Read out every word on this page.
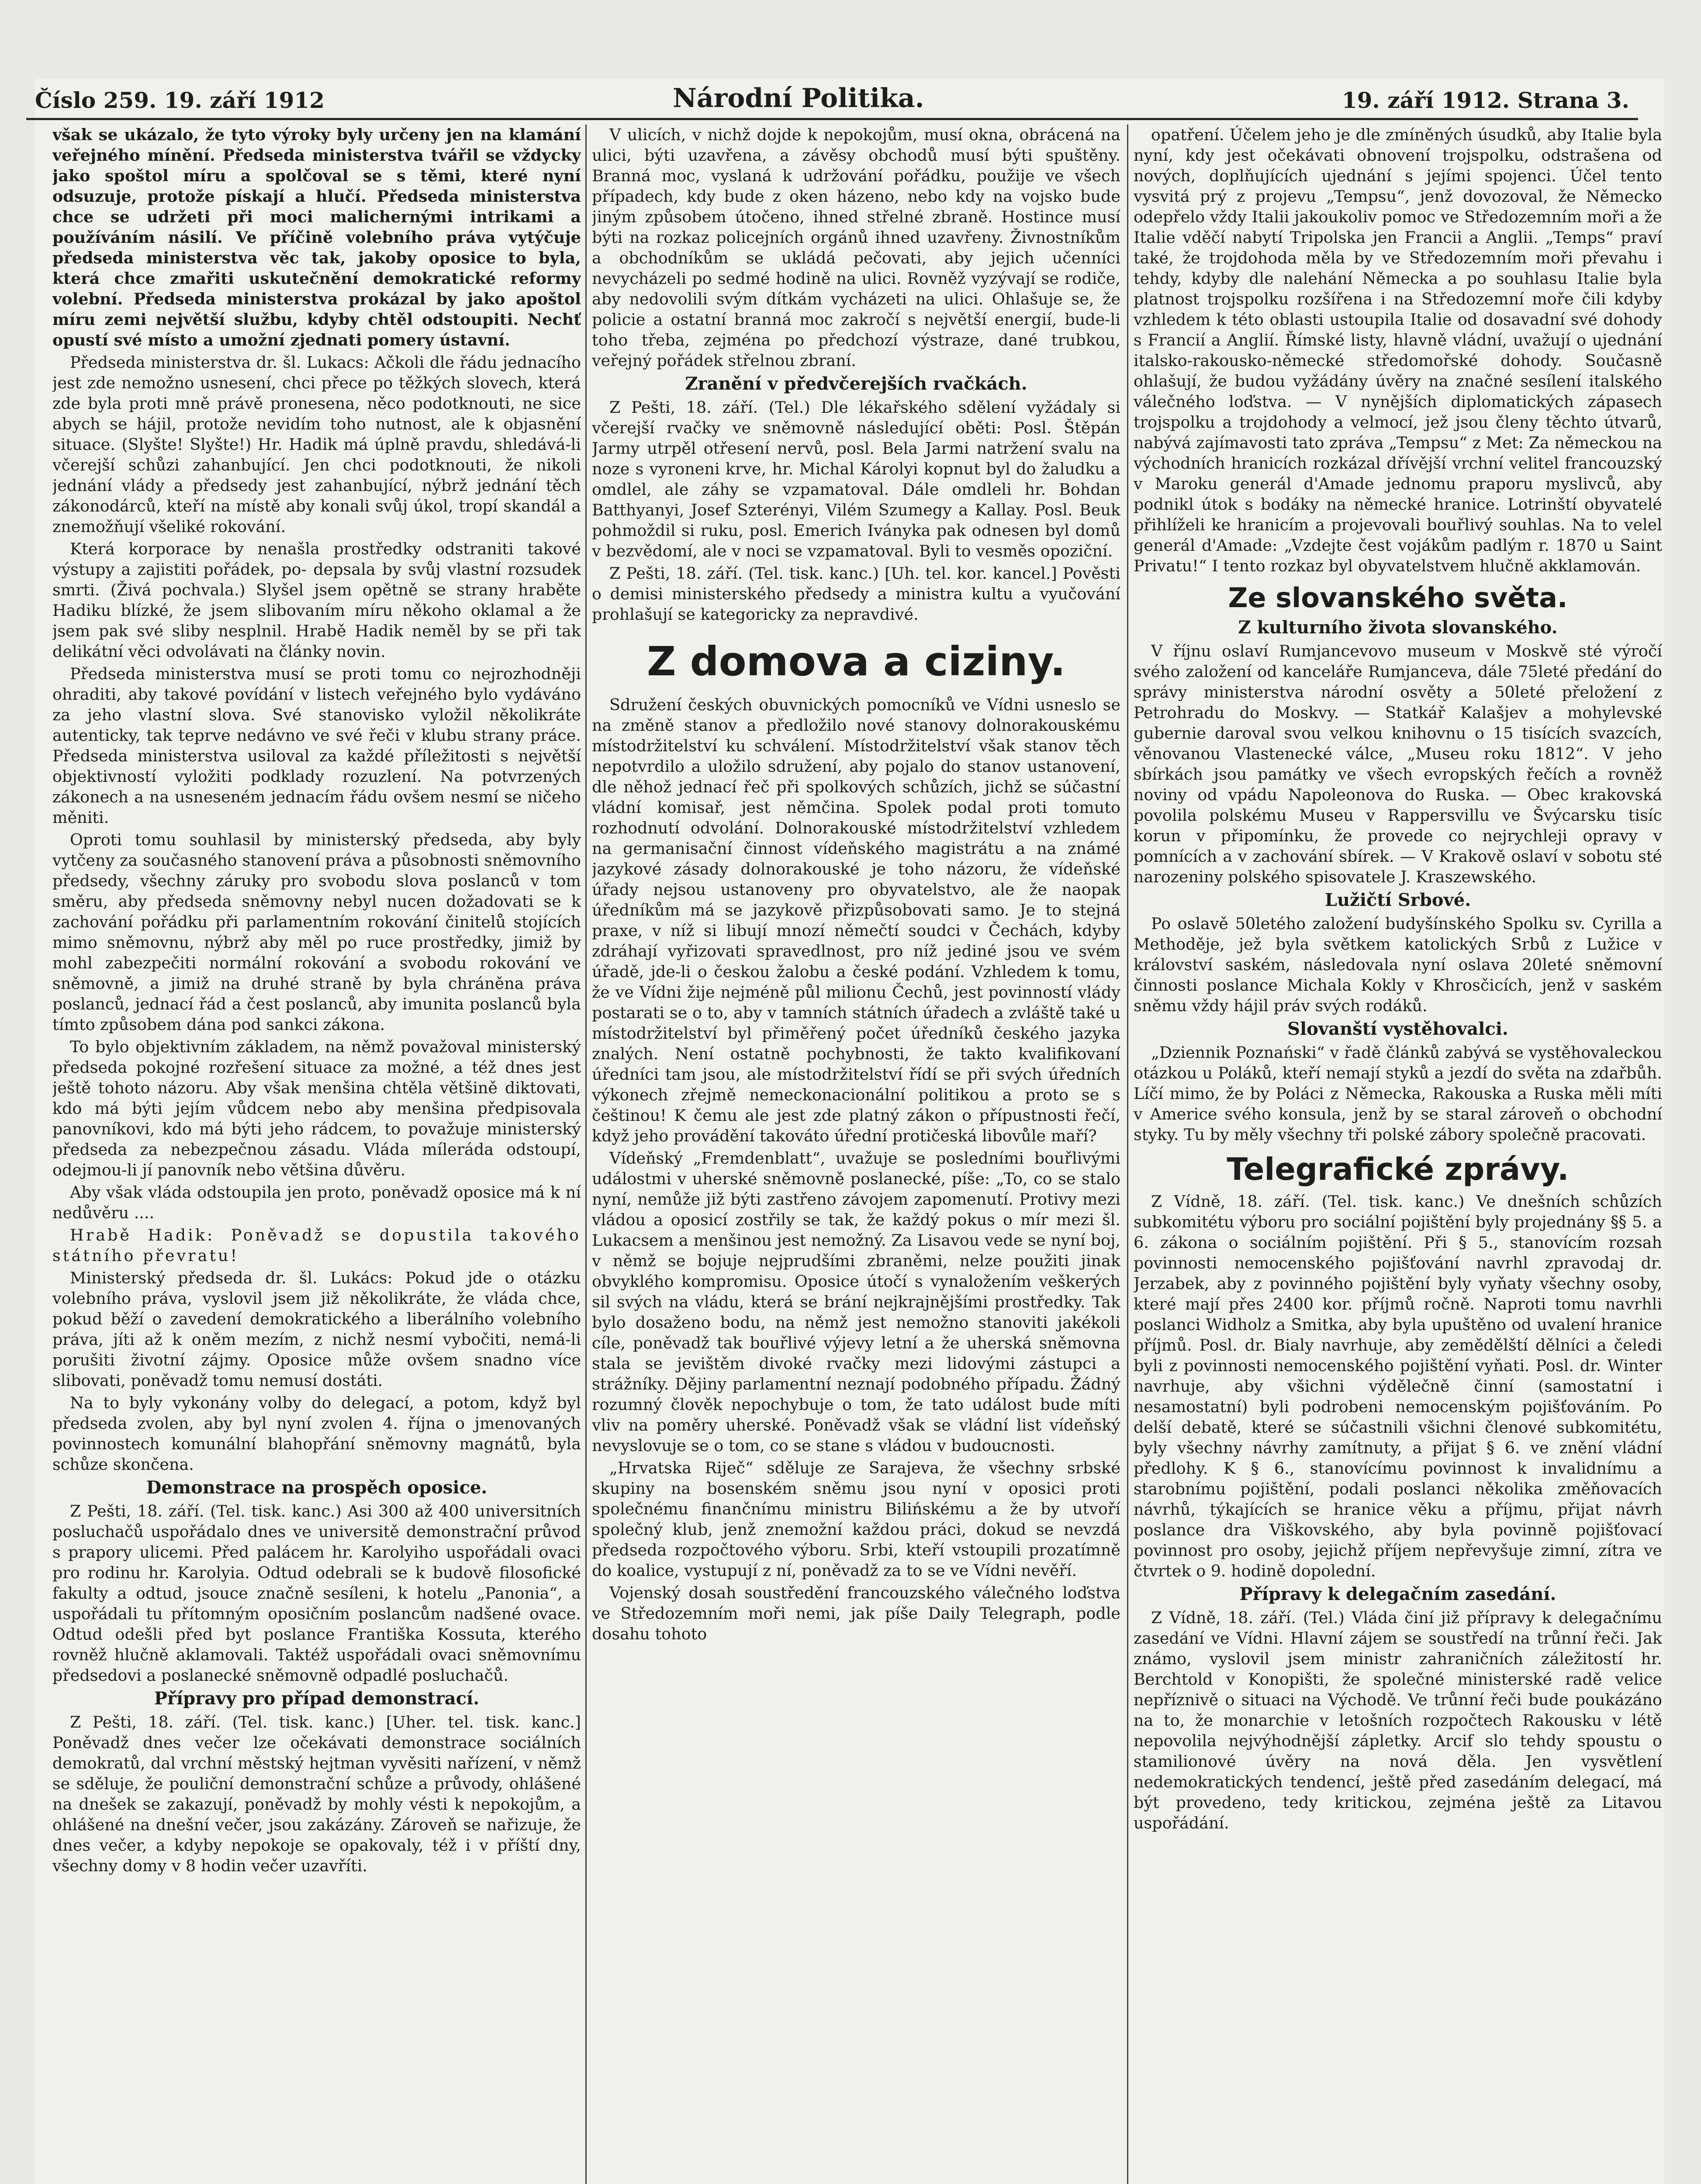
Číslo 259. 19. září 1912	Národní Politika.	19. září 1912. Strana 3.

však se ukázalo, že tyto výroky byly určeny jen na klamání veřejného mínění. Předseda ministerstva tvářil se vždycky jako spoštol míru a spolčoval se s těmi, které nyní odsuzuje, protože pískají a hlučí. Předseda ministerstva chce se udržeti při moci malichernými intrikami a používáním násilí. Ve příčině volebního práva vytýčuje předseda ministerstva věc tak, jakoby oposice to byla, která chce zmařiti uskutečnění demokratické reformy volební. Předseda ministerstva prokázal by jako apoštol míru zemi největší službu, kdyby chtěl odstoupiti. Nechť opustí své místo a umožní zjednati pomery ústavní.

Předseda ministerstva dr. šl. Lukacs: Ačkoli dle řádu jednacího jest zde nemožno usnesení, chci přece po těžkých slovech, která zde byla proti mně právě pronesena, něco podotknouti, ne sice abych se hájil, protože nevidím toho nutnost, ale k objasnění situace. (Slyšte! Slyšte!) Hr. Hadik má úplně pravdu, shledává-li včerejší schůzi zahanbující. Jen chci podotknouti, že nikoli jednání vlády a předsedy jest zahanbující, nýbrž jednání těch zákonodárců, kteří na místě aby konali svůj úkol, tropí skandál a znemožňují všeliké rokování.

Která korporace by nenašla prostředky odstraniti takové výstupy a zajistiti pořádek, po- depsala by svůj vlastní rozsudek smrti. (Živá pochvala.) Slyšel jsem opětně se strany hraběte Hadiku blízké, že jsem slibovaním míru někoho oklamal a že jsem pak své sliby nesplnil. Hrabě Hadik neměl by se při tak delikátní věci odvolávati na články novin.

Předseda ministerstva musí se proti tomu co nejrozhodněji ohraditi, aby takové povídání v listech veřejného bylo vydáváno za jeho vlastní slova. Své stanovisko vyložil několikráte autenticky, tak teprve nedávno ve své řeči v klubu strany práce. Předseda ministerstva usiloval za každé příležitosti s největší objektivností vyložiti podklady rozuzlení. Na potvrzených zákonech a na usneseném jednacím řádu ovšem nesmí se ničeho měniti.

Oproti tomu souhlasil by ministerský předseda, aby byly vytčeny za současného stanovení práva a působnosti sněmovního předsedy, všechny záruky pro svobodu slova poslanců v tom směru, aby předseda sněmovny nebyl nucen dožadovati se k zachování pořádku při parlamentním rokování činitelů stojících mimo sněmovnu, nýbrž aby měl po ruce prostředky, jimiž by mohl zabezpečiti normální rokování a svobodu rokování ve sněmovně, a jimiž na druhé straně by byla chráněna práva poslanců, jednací řád a čest poslanců, aby imunita poslanců byla tímto způsobem dána pod sankci zákona.

To bylo objektivním základem, na němž považoval ministerský předseda pokojné rozřešení situace za možné, a též dnes jest ještě tohoto názoru. Aby však menšina chtěla většině diktovati, kdo má býti jejím vůdcem nebo aby menšina předpisovala panovníkovi, kdo má býti jeho rádcem, to považuje ministerský předseda za nebezpečnou zásadu. Vláda míleráda odstoupí, odejmou-li jí panovník nebo většina důvěru.

Aby však vláda odstoupila jen proto, poněvadž oposice má k ní nedůvěru ....

Hrabě Hadik: Poněvadž se dopustila takového státního převratu!

Ministerský předseda dr. šl. Lukács: Pokud jde o otázku volebního práva, vyslovil jsem již několikráte, že vláda chce, pokud běží o zavedení demokratického a liberálního volebního práva, jíti až k oněm mezím, z nichž nesmí vybočiti, nemá-li porušiti životní zájmy. Oposice může ovšem snadno více slibovati, poněvadž tomu nemusí dostáti.

Na to byly vykonány volby do delegací, a potom, když byl předseda zvolen, aby byl nyní zvolen 4. října o jmenovaných povinnostech komunální blahopřání sněmovny magnátů, byla schůze skončena.

Demonstrace na prospěch oposice.

Z Pešti, 18. září. (Tel. tisk. kanc.) Asi 300 až 400 universitních posluchačů uspořádalo dnes ve universitě demonstrační průvod s prapory ulicemi. Před palácem hr. Karolyiho uspořádali ovaci pro rodinu hr. Karolyia. Odtud odebrali se k budově filosofické fakulty a odtud, jsouce značně sesíleni, k hotelu „Panonia“, a uspořádali tu přítomným oposičním poslancům nadšené ovace. Odtud odešli před byt poslance Františka Kossuta, kterého rovněž hlučně aklamovali. Taktéž uspořádali ovaci sněmovnímu předsedovi a poslanecké sněmovně odpadlé posluchačů.

Přípravy pro případ demonstrací.

Z Pešti, 18. září. (Tel. tisk. kanc.) [Uher. tel. tisk. kanc.] Poněvadž dnes večer lze očekávati demonstrace sociálních demokratů, dal vrchní městský hejtman vyvěsiti nařízení, v němž se sděluje, že pouliční demonstrační schůze a průvody, ohlášené na dnešek se zakazují, poněvadž by mohly vésti k nepokojům, a ohlášené na dnešní večer, jsou zakázány. Zároveň se nařizuje, že dnes večer, a kdyby nepokoje se opakovaly, též i v příští dny, všechny domy v 8 hodin večer uzavříti.

V ulicích, v nichž dojde k nepokojům, musí okna, obrácená na ulici, býti uzavřena, a závěsy obchodů musí býti spuštěny. Branná moc, vyslaná k udržování pořádku, použije ve všech případech, kdy bude z oken házeno, nebo kdy na vojsko bude jiným způsobem útočeno, ihned střelné zbraně. Hostince musí býti na rozkaz policejních orgánů ihned uzavřeny. Živnostníkům a obchodníkům se ukládá pečovati, aby jejich učenníci nevycházeli po sedmé hodině na ulici. Rovněž vyzývají se rodiče, aby nedovolili svým dítkám vycházeti na ulici. Ohlašuje se, že policie a ostatní branná moc zakročí s největší energií, bude-li toho třeba, zejména po předchozí výstraze, dané trubkou, veřejný pořádek střelnou zbraní.

Zranění v předvčerejších rvačkách.

Z Pešti, 18. září. (Tel.) Dle lékařského sdělení vyžádaly si včerejší rvačky ve sněmovně následující oběti: Posl. Štěpán Jarmy utrpěl otřesení nervů, posl. Bela Jarmi natržení svalu na noze s vyroneni krve, hr. Michal Károlyi kopnut byl do žaludku a omdlel, ale záhy se vzpamatoval. Dále omdleli hr. Bohdan Batthyanyi, Josef Szterényi, Vilém Szumegy a Kallay. Posl. Beuk pohmoždil si ruku, posl. Emerich Iványka pak odnesen byl domů v bezvědomí, ale v noci se vzpamatoval. Byli to vesměs opoziční.

Z Pešti, 18. září. (Tel. tisk. kanc.) [Uh. tel. kor. kancel.] Pověsti o demisi ministerského předsedy a ministra kultu a vyučování prohlašují se kategoricky za nepravdivé.

Z domova a ciziny.

Sdružení českých obuvnických pomocníků ve Vídni usneslo se na změně stanov a předložilo nové stanovy dolnorakouskému místodržitelství ku schválení. Místodržitelství však stanov těch nepotvrdilo a uložilo sdružení, aby pojalo do stanov ustanovení, dle něhož jednací řeč při spolkových schůzích, jichž se súčastní vládní komisař, jest němčina. Spolek podal proti tomuto rozhodnutí odvolání. Dolnorakouské místodržitelství vzhledem na germanisační činnost vídeňského magistrátu a na známé jazykové zásady dolnorakouské je toho názoru, že vídeňské úřady nejsou ustanoveny pro obyvatelstvo, ale že naopak úředníkům má se jazykově přizpůsobovati samo. Je to stejná praxe, v níž si libují mnozí němečtí soudci v Čechách, kdyby zdráhají vyřizovati spravedlnost, pro níž jediné jsou ve svém úřadě, jde-li o českou žalobu a české podání. Vzhledem k tomu, že ve Vídni žije nejméně půl milionu Čechů, jest povinností vlády postarati se o to, aby v tamních státních úřadech a zvláště také u místodržitelství byl přiměřený počet úředníků českého jazyka znalých. Není ostatně pochybnosti, že takto kvalifikovaní úředníci tam jsou, ale místodržitelství řídí se při svých úředních výkonech zřejmě nemeckonacionální politikou a proto se s češtinou! K čemu ale jest zde platný zákon o přípustnosti řečí, když jeho provádění takováto úřední protičeská libovůle maří?

Vídeňský „Fremdenblatt“, uvažuje se posledními bouřlivými událostmi v uherské sněmovně poslanecké, píše: „To, co se stalo nyní, nemůže již býti zastřeno závojem zapomenutí. Protivy mezi vládou a oposicí zostřily se tak, že každý pokus o mír mezi šl. Lukacsem a menšinou jest nemožný. Za Lisavou vede se nyní boj, v němž se bojuje nejprudšími zbraněmi, nelze použiti jinak obvyklého kompromisu. Oposice útočí s vynaložením veškerých sil svých na vládu, která se brání nejkrajnějšími prostředky. Tak bylo dosaženo bodu, na němž jest nemožno stanoviti jakékoli cíle, poněvadž tak bouřlivé výjevy letní a že uherská sněmovna stala se jevištěm divoké rvačky mezi lidovými zástupci a strážníky. Dějiny parlamentní neznají podobného případu. Žádný rozumný člověk nepochybuje o tom, že tato událost bude míti vliv na poměry uherské. Poněvadž však se vládní list vídeňský nevyslovuje se o tom, co se stane s vládou v budoucnosti.

„Hrvatska Riječ“ sděluje ze Sarajeva, že všechny srbské skupiny na bosenském sněmu jsou nyní v oposici proti společnému finančnímu ministru Bilińskému a že by utvoří společný klub, jenž znemožní každou práci, dokud se nevzdá předseda rozpočtového výboru. Srbi, kteří vstoupili prozatímně do koalice, vystupují z ní, poněvadž za to se ve Vídni nevěří.

Vojenský dosah soustředění francouzského válečného loďstva ve Středozemním moři nemi, jak píše Daily Telegraph, podle dosahu tohoto

opatření. Účelem jeho je dle zmíněných úsudků, aby Italie byla nyní, kdy jest očekávati obnovení trojspolku, odstrašena od nových, doplňujících ujednání s jejími spojenci. Účel tento vysvitá prý z projevu „Tempsu“, jenž dovozoval, že Německo odepřelo vždy Italii jakoukoliv pomoc ve Středozemním moři a že Italie vděčí nabytí Tripolska jen Francii a Anglii. „Temps“ praví také, že trojdohoda měla by ve Středozemním moři převahu i tehdy, kdyby dle nalehání Německa a po souhlasu Italie byla platnost trojspolku rozšířena i na Středozemní moře čili kdyby vzhledem k této oblasti ustoupila Italie od dosavadní své dohody s Francií a Anglií. Římské listy, hlavně vládní, uvažují o ujednání italsko-rakousko-německé středomořské dohody. Současně ohlašují, že budou vyžádány úvěry na značné sesílení italského válečného loďstva. — V nynějších diplomatických zápasech trojspolku a trojdohody a velmocí, jež jsou členy těchto útvarů, nabývá zajímavosti tato zpráva „Tempsu“ z Met: Za německou na východních hranicích rozkázal dřívější vrchní velitel francouzský v Maroku generál d'Amade jednomu praporu myslivců, aby podnikl útok s bodáky na německé hranice. Lotrinští obyvatelé přihlíželi ke hranicím a projevovali bouřlivý souhlas. Na to velel generál d'Amade: „Vzdejte čest vojákům padlým r. 1870 u Saint Privatu!“ I tento rozkaz byl obyvatelstvem hlučně akklamován.

Ze slovanského světa.
Z kulturního života slovanského.

V říjnu oslaví Rumjancevovo museum v Moskvě sté výročí svého založení od kanceláře Rumjanceva, dále 75leté předání do správy ministerstva národní osvěty a 50leté přeložení z Petrohradu do Moskvy. — Statkář Kalašjev a mohylevské gubernie daroval svou velkou knihovnu o 15 tisících svazcích, věnovanou Vlastenecké válce, „Museu roku 1812“. V jeho sbírkách jsou památky ve všech evropských řečích a rovněž noviny od vpádu Napoleonova do Ruska. — Obec krakovská povolila polskému Museu v Rappersvillu ve Švýcarsku tisíc korun v připomínku, že provede co nejrychleji opravy v pomnících a v zachování sbírek. — V Krakově oslaví v sobotu sté narozeniny polského spisovatele J. Kraszewského.

Lužičtí Srbové.

Po oslavě 50letého založení budyšínského Spolku sv. Cyrilla a Methoděje, jež byla světkem katolických Srbů z Lužice v království saském, následovala nyní oslava 20leté sněmovní činnosti poslance Michala Kokly v Khrosčicích, jenž v saském sněmu vždy hájil práv svých rodáků.

Slovanští vystěhovalci.

„Dziennik Poznański“ v řadě článků zabývá se vystěhovaleckou otázkou u Poláků, kteří nemají styků a jezdí do světa na zdařbůh. Líčí mimo, že by Poláci z Německa, Rakouska a Ruska měli míti v Americe svého konsula, jenž by se staral zároveň o obchodní styky. Tu by měly všechny tři polské zábory společně pracovati.

Telegrafické zprávy.

Z Vídně, 18. září. (Tel. tisk. kanc.) Ve dnešních schůzích subkomitétu výboru pro sociální pojištění byly projednány §§ 5. a 6. zákona o sociálním pojištění. Při § 5., stanovícím rozsah povinnosti nemocenského pojišťování navrhl zpravodaj dr. Jerzabek, aby z povinného pojištění byly vyňaty všechny osoby, které mají přes 2400 kor. příjmů ročně. Naproti tomu navrhli poslanci Widholz a Smitka, aby byla upuštěno od uvalení hranice příjmů. Posl. dr. Bialy navrhuje, aby zemědělští dělníci a čeledi byli z povinnosti nemocenského pojištění vyňati. Posl. dr. Winter navrhuje, aby všichni výdělečně činní (samostatní i nesamostatní) byli podrobeni nemocenským pojišťováním. Po delší debatě, které se súčastnili všichni členové subkomitétu, byly všechny návrhy zamítnuty, a přijat § 6. ve znění vládní předlohy. K § 6., stanovícímu povinnost k invalidnímu a starobnímu pojištění, podali poslanci několika změňovacích návrhů, týkajících se hranice věku a příjmu, přijat návrh poslance dra Viškovského, aby byla povinně pojišťovací povinnost pro osoby, jejichž příjem nepřevyšuje zimní, zítra ve čtvrtek o 9. hodině dopolední.

Přípravy k delegačním zasedání.

Z Vídně, 18. září. (Tel.) Vláda činí již přípravy k delegačnímu zasedání ve Vídni. Hlavní zájem se soustředí na trůnní řeči. Jak známo, vyslovil jsem ministr zahraničních záležitostí hr. Berchtold v Konopišti, že společné ministerské radě velice nepříznivě o situaci na Východě. Ve trůnní řeči bude poukázáno na to, že monarchie v letošních rozpočtech Rakousku v létě nepovolila nejvýhodnější zápletky. Arcif slo tehdy spoustu o stamilionové úvěry na nová děla. Jen vysvětlení nedemokratických tendencí, ještě před zasedáním delegací, má být provedeno, tedy kritickou, zejména ještě za Litavou uspořádání.
